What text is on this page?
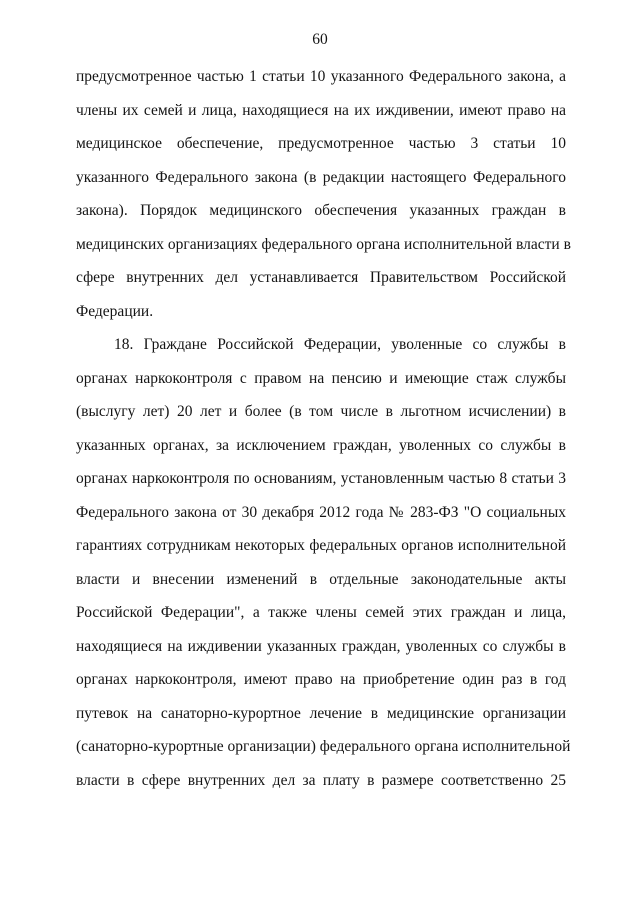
60
предусмотренное частью 1 статьи 10 указанного Федерального закона, а
члены их семей и лица, находящиеся на их иждивении, имеют право на
медицинское обеспечение, предусмотренное частью 3 статьи 10
указанного Федерального закона (в редакции настоящего Федерального
закона). Порядок медицинского обеспечения указанных граждан в
медицинских организациях федерального органа исполнительной власти в
сфере внутренних дел устанавливается Правительством Российской
Федерации.
18. Граждане Российской Федерации, уволенные со службы в
органах наркоконтроля с правом на пенсию и имеющие стаж службы
(выслугу лет) 20 лет и более (в том числе в льготном исчислении) в
указанных органах, за исключением граждан, уволенных со службы в
органах наркоконтроля по основаниям, установленным частью 8 статьи 3
Федерального закона от 30 декабря 2012 года № 283-ФЗ "О социальных
гарантиях сотрудникам некоторых федеральных органов исполнительной
власти и внесении изменений в отдельные законодательные акты
Российской Федерации", а также члены семей этих граждан и лица,
находящиеся на иждивении указанных граждан, уволенных со службы в
органах наркоконтроля, имеют право на приобретение один раз в год
путевок на санаторно-курортное лечение в медицинские организации
(санаторно-курортные организации) федерального органа исполнительной
власти в сфере внутренних дел за плату в размере соответственно 25
